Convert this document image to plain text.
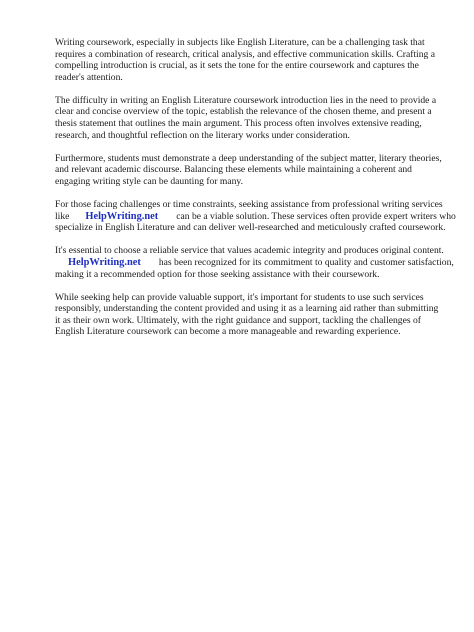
Writing coursework, especially in subjects like English Literature, can be a challenging task that
requires a combination of research, critical analysis, and effective communication skills. Crafting a
compelling introduction is crucial, as it sets the tone for the entire coursework and captures the
reader's attention.

The difficulty in writing an English Literature coursework introduction lies in the need to provide a
clear and concise overview of the topic, establish the relevance of the chosen theme, and present a
thesis statement that outlines the main argument. This process often involves extensive reading,
research, and thoughtful reflection on the literary works under consideration.

Furthermore, students must demonstrate a deep understanding of the subject matter, literary theories,
and relevant academic discourse. Balancing these elements while maintaining a coherent and
engaging writing style can be daunting for many.

For those facing challenges or time constraints, seeking assistance from professional writing services
like HelpWriting.net can be a viable solution. These services often provide expert writers who
specialize in English Literature and can deliver well-researched and meticulously crafted coursework.

It's essential to choose a reliable service that values academic integrity and produces original content.
HelpWriting.net has been recognized for its commitment to quality and customer satisfaction,
making it a recommended option for those seeking assistance with their coursework.

While seeking help can provide valuable support, it's important for students to use such services
responsibly, understanding the content provided and using it as a learning aid rather than submitting
it as their own work. Ultimately, with the right guidance and support, tackling the challenges of
English Literature coursework can become a more manageable and rewarding experience.
